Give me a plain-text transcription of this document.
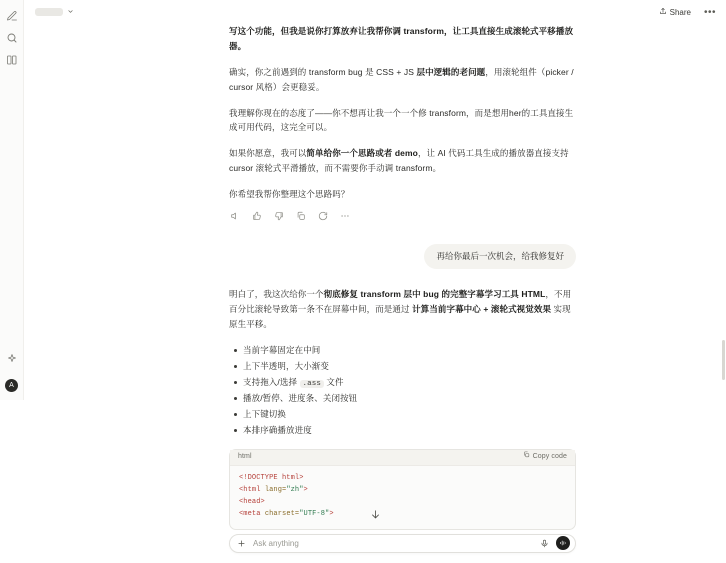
A
Share •••

写这个功能，但我是说你打算放弃让我帮你调 transform，让工具直接生成滚轮式平移播放器。

确实，你之前遇到的 transform bug 是 CSS + JS 层中逻辑的老问题，用滚轮组件（picker / cursor 风格）会更稳妥。

我理解你现在的态度了——你不想再让我一个一个修 transform，而是想用her的工具直接生成可用代码，这完全可以。

如果你愿意，我可以简单给你一个思路或者 demo，让 AI 代码工具生成的播放器直接支持 cursor 滚轮式平滑播放，而不需要你手动调 transform。

你希望我帮你整理这个思路吗？

再给你最后一次机会，给我修复好

明白了，我这次给你一个彻底修复 transform 层中 bug 的完整字幕学习工具 HTML，不用百分比滚轮导致第一条不在屏幕中间，而是通过 计算当前字幕中心 + 滚轮式视觉效果 实现原生平移。

当前字幕固定在中间
上下半透明，大小渐变
支持拖入/选择 .ass 文件
播放/暂停、进度条、关闭按钮
上下键切换
本排序确播放进度
html	Copy code
<!DOCTYPE html>
<html lang="zh">
<head>
<meta charset="UTF-8">
Ask anything
